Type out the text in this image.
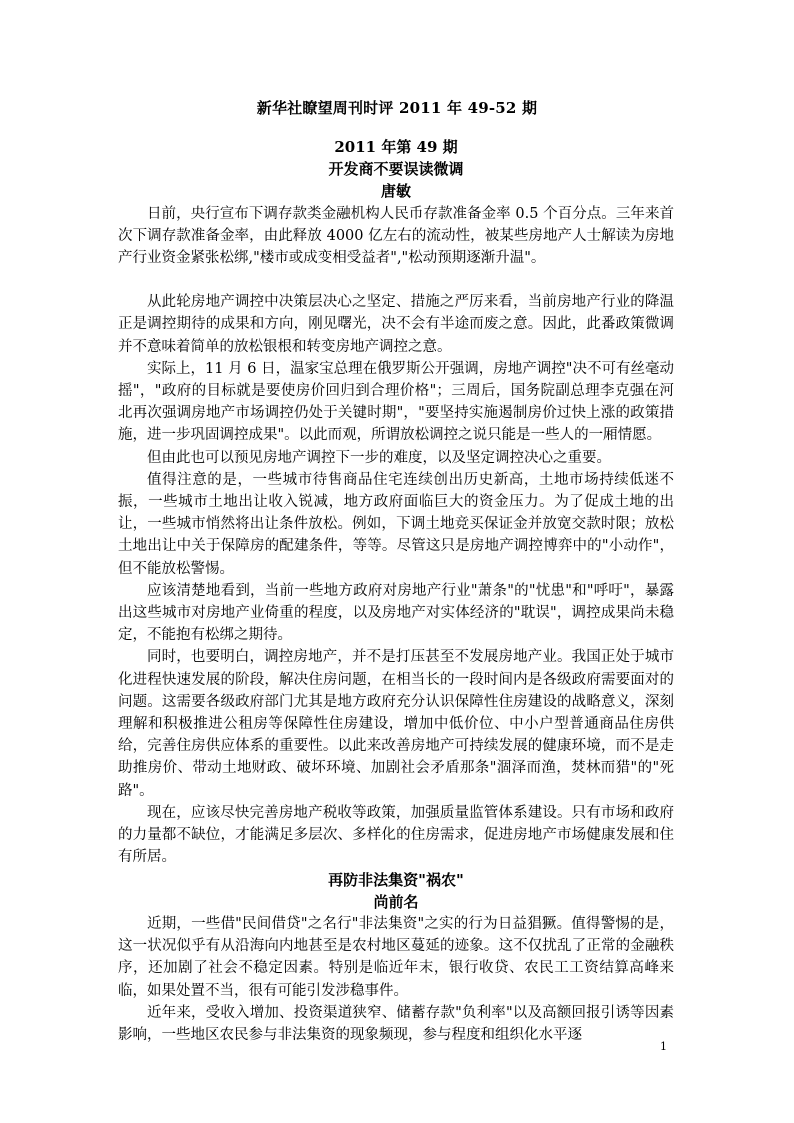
新华社瞭望周刊时评 2011 年 49-52 期

2011 年第 49 期

开发商不要误读微调

唐敏

日前，央行宣布下调存款类金融机构人民币存款准备金率 0.5 个百分点。三年来首次下调存款准备金率，由此释放 4000 亿左右的流动性，被某些房地产人士解读为房地产行业资金紧张松绑,"楼市或成变相受益者","松动预期逐渐升温"。

从此轮房地产调控中决策层决心之坚定、措施之严厉来看，当前房地产行业的降温正是调控期待的成果和方向，刚见曙光，决不会有半途而废之意。因此，此番政策微调并不意味着简单的放松银根和转变房地产调控之意。

实际上，11 月 6 日，温家宝总理在俄罗斯公开强调，房地产调控"决不可有丝毫动摇"，"政府的目标就是要使房价回归到合理价格"；三周后，国务院副总理李克强在河北再次强调房地产市场调控仍处于关键时期"，"要坚持实施遏制房价过快上涨的政策措施，进一步巩固调控成果"。以此而观，所谓放松调控之说只能是一些人的一厢情愿。

但由此也可以预见房地产调控下一步的难度，以及坚定调控决心之重要。

值得注意的是，一些城市待售商品住宅连续创出历史新高，土地市场持续低迷不振，一些城市土地出让收入锐减，地方政府面临巨大的资金压力。为了促成土地的出让，一些城市悄然将出让条件放松。例如，下调土地竞买保证金并放宽交款时限；放松土地出让中关于保障房的配建条件，等等。尽管这只是房地产调控博弈中的"小动作"，但不能放松警惕。

应该清楚地看到，当前一些地方政府对房地产行业"萧条"的"忧患"和"呼吁"，暴露出这些城市对房地产业倚重的程度，以及房地产对实体经济的"耽误"，调控成果尚未稳定，不能抱有松绑之期待。

同时，也要明白，调控房地产，并不是打压甚至不发展房地产业。我国正处于城市化进程快速发展的阶段，解决住房问题，在相当长的一段时间内是各级政府需要面对的问题。这需要各级政府部门尤其是地方政府充分认识保障性住房建设的战略意义，深刻理解和积极推进公租房等保障性住房建设，增加中低价位、中小户型普通商品住房供给，完善住房供应体系的重要性。以此来改善房地产可持续发展的健康环境，而不是走助推房价、带动土地财政、破坏环境、加剧社会矛盾那条"涸泽而渔，焚林而猎"的"死路"。

现在，应该尽快完善房地产税收等政策，加强质量监管体系建设。只有市场和政府的力量都不缺位，才能满足多层次、多样化的住房需求，促进房地产市场健康发展和住有所居。

再防非法集资"祸农"

尚前名

近期，一些借"民间借贷"之名行"非法集资"之实的行为日益猖獗。值得警惕的是，这一状况似乎有从沿海向内地甚至是农村地区蔓延的迹象。这不仅扰乱了正常的金融秩序，还加剧了社会不稳定因素。特别是临近年末，银行收贷、农民工工资结算高峰来临，如果处置不当，很有可能引发涉稳事件。

近年来，受收入增加、投资渠道狭窄、储蓄存款"负利率"以及高额回报引诱等因素影响，一些地区农民参与非法集资的现象频现，参与程度和组织化水平逐

1
